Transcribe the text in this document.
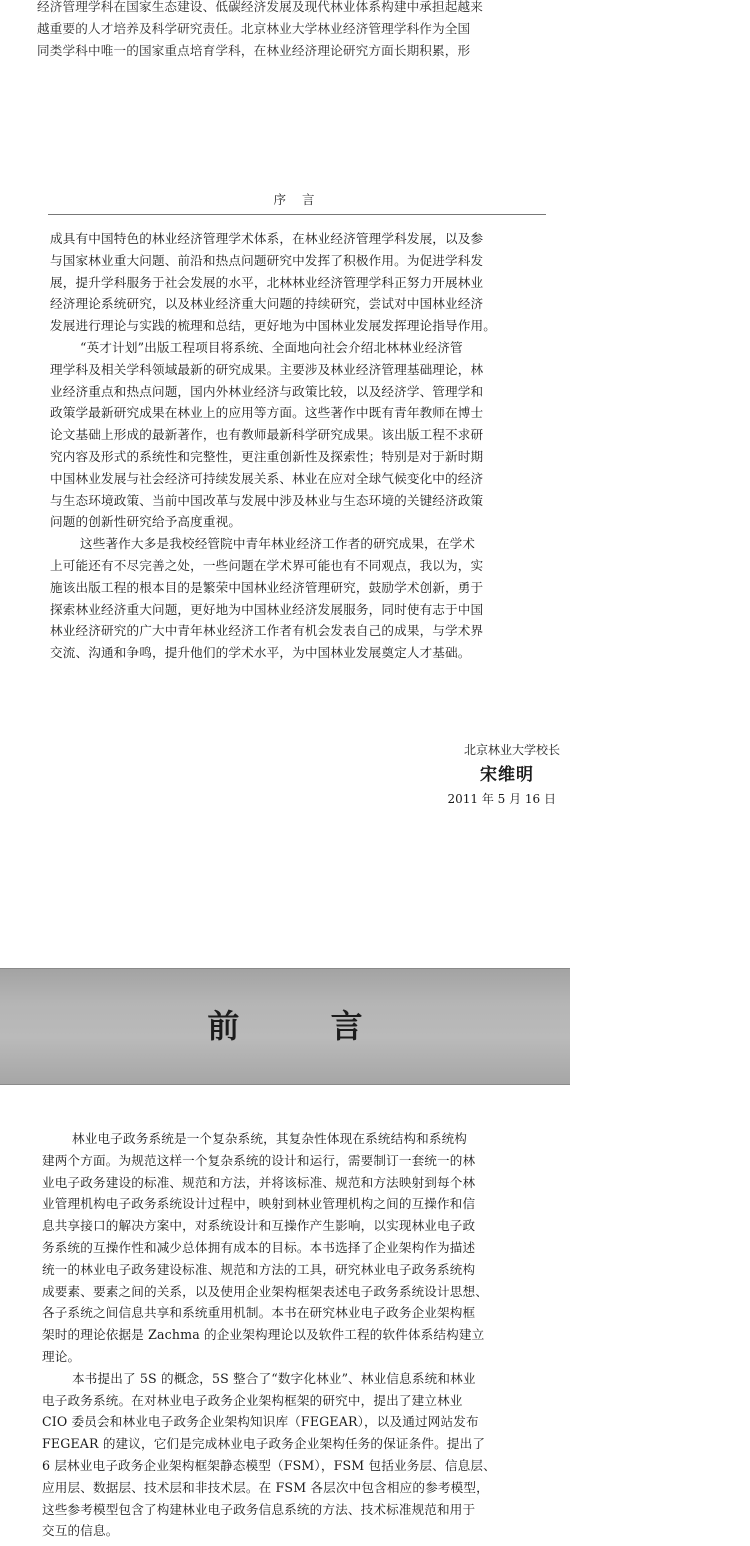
经济管理学科在国家生态建设、低碳经济发展及现代林业体系构建中承担起越来
越重要的人才培养及科学研究责任。北京林业大学林业经济管理学科作为全国
同类学科中唯一的国家重点培育学科，在林业经济理论研究方面长期积累，形
序 言
成具有中国特色的林业经济管理学术体系，在林业经济管理学科发展，以及参
与国家林业重大问题、前沿和热点问题研究中发挥了积极作用。为促进学科发
展，提升学科服务于社会发展的水平，北林林业经济管理学科正努力开展林业
经济理论系统研究，以及林业经济重大问题的持续研究，尝试对中国林业经济
发展进行理论与实践的梳理和总结，更好地为中国林业发展发挥理论指导作用。
“英才计划”出版工程项目将系统、全面地向社会介绍北林林业经济管
理学科及相关学科领域最新的研究成果。主要涉及林业经济管理基础理论，林
业经济重点和热点问题，国内外林业经济与政策比较，以及经济学、管理学和
政策学最新研究成果在林业上的应用等方面。这些著作中既有青年教师在博士
论文基础上形成的最新著作，也有教师最新科学研究成果。该出版工程不求研
究内容及形式的系统性和完整性，更注重创新性及探索性；特别是对于新时期
中国林业发展与社会经济可持续发展关系、林业在应对全球气候变化中的经济
与生态环境政策、当前中国改革与发展中涉及林业与生态环境的关键经济政策
问题的创新性研究给予高度重视。
这些著作大多是我校经管院中青年林业经济工作者的研究成果，在学术
上可能还有不尽完善之处，一些问题在学术界可能也有不同观点，我以为，实
施该出版工程的根本目的是繁荣中国林业经济管理研究，鼓励学术创新，勇于
探索林业经济重大问题，更好地为中国林业经济发展服务，同时使有志于中国
林业经济研究的广大中青年林业经济工作者有机会发表自己的成果，与学术界
交流、沟通和争鸣，提升他们的学术水平，为中国林业发展奠定人才基础。
北京林业大学校长
宋维明
2011 年 5 月 16 日
前 言
林业电子政务系统是一个复杂系统，其复杂性体现在系统结构和系统构
建两个方面。为规范这样一个复杂系统的设计和运行，需要制订一套统一的林
业电子政务建设的标准、规范和方法，并将该标准、规范和方法映射到每个林
业管理机构电子政务系统设计过程中，映射到林业管理机构之间的互操作和信
息共享接口的解决方案中，对系统设计和互操作产生影响，以实现林业电子政
务系统的互操作性和减少总体拥有成本的目标。本书选择了企业架构作为描述
统一的林业电子政务建设标准、规范和方法的工具，研究林业电子政务系统构
成要素、要素之间的关系，以及使用企业架构框架表述电子政务系统设计思想、
各子系统之间信息共享和系统重用机制。本书在研究林业电子政务企业架构框
架时的理论依据是 Zachma 的企业架构理论以及软件工程的软件体系结构建立
理论。
本书提出了 5S 的概念，5S 整合了“数字化林业”、林业信息系统和林业
电子政务系统。在对林业电子政务企业架构框架的研究中，提出了建立林业
CIO 委员会和林业电子政务企业架构知识库（FEGEAR），以及通过网站发布
FEGEAR 的建议，它们是完成林业电子政务企业架构任务的保证条件。提出了
6 层林业电子政务企业架构框架静态模型（FSM），FSM 包括业务层、信息层、
应用层、数据层、技术层和非技术层。在 FSM 各层次中包含相应的参考模型，
这些参考模型包含了构建林业电子政务信息系统的方法、技术标准规范和用于
交互的信息。
